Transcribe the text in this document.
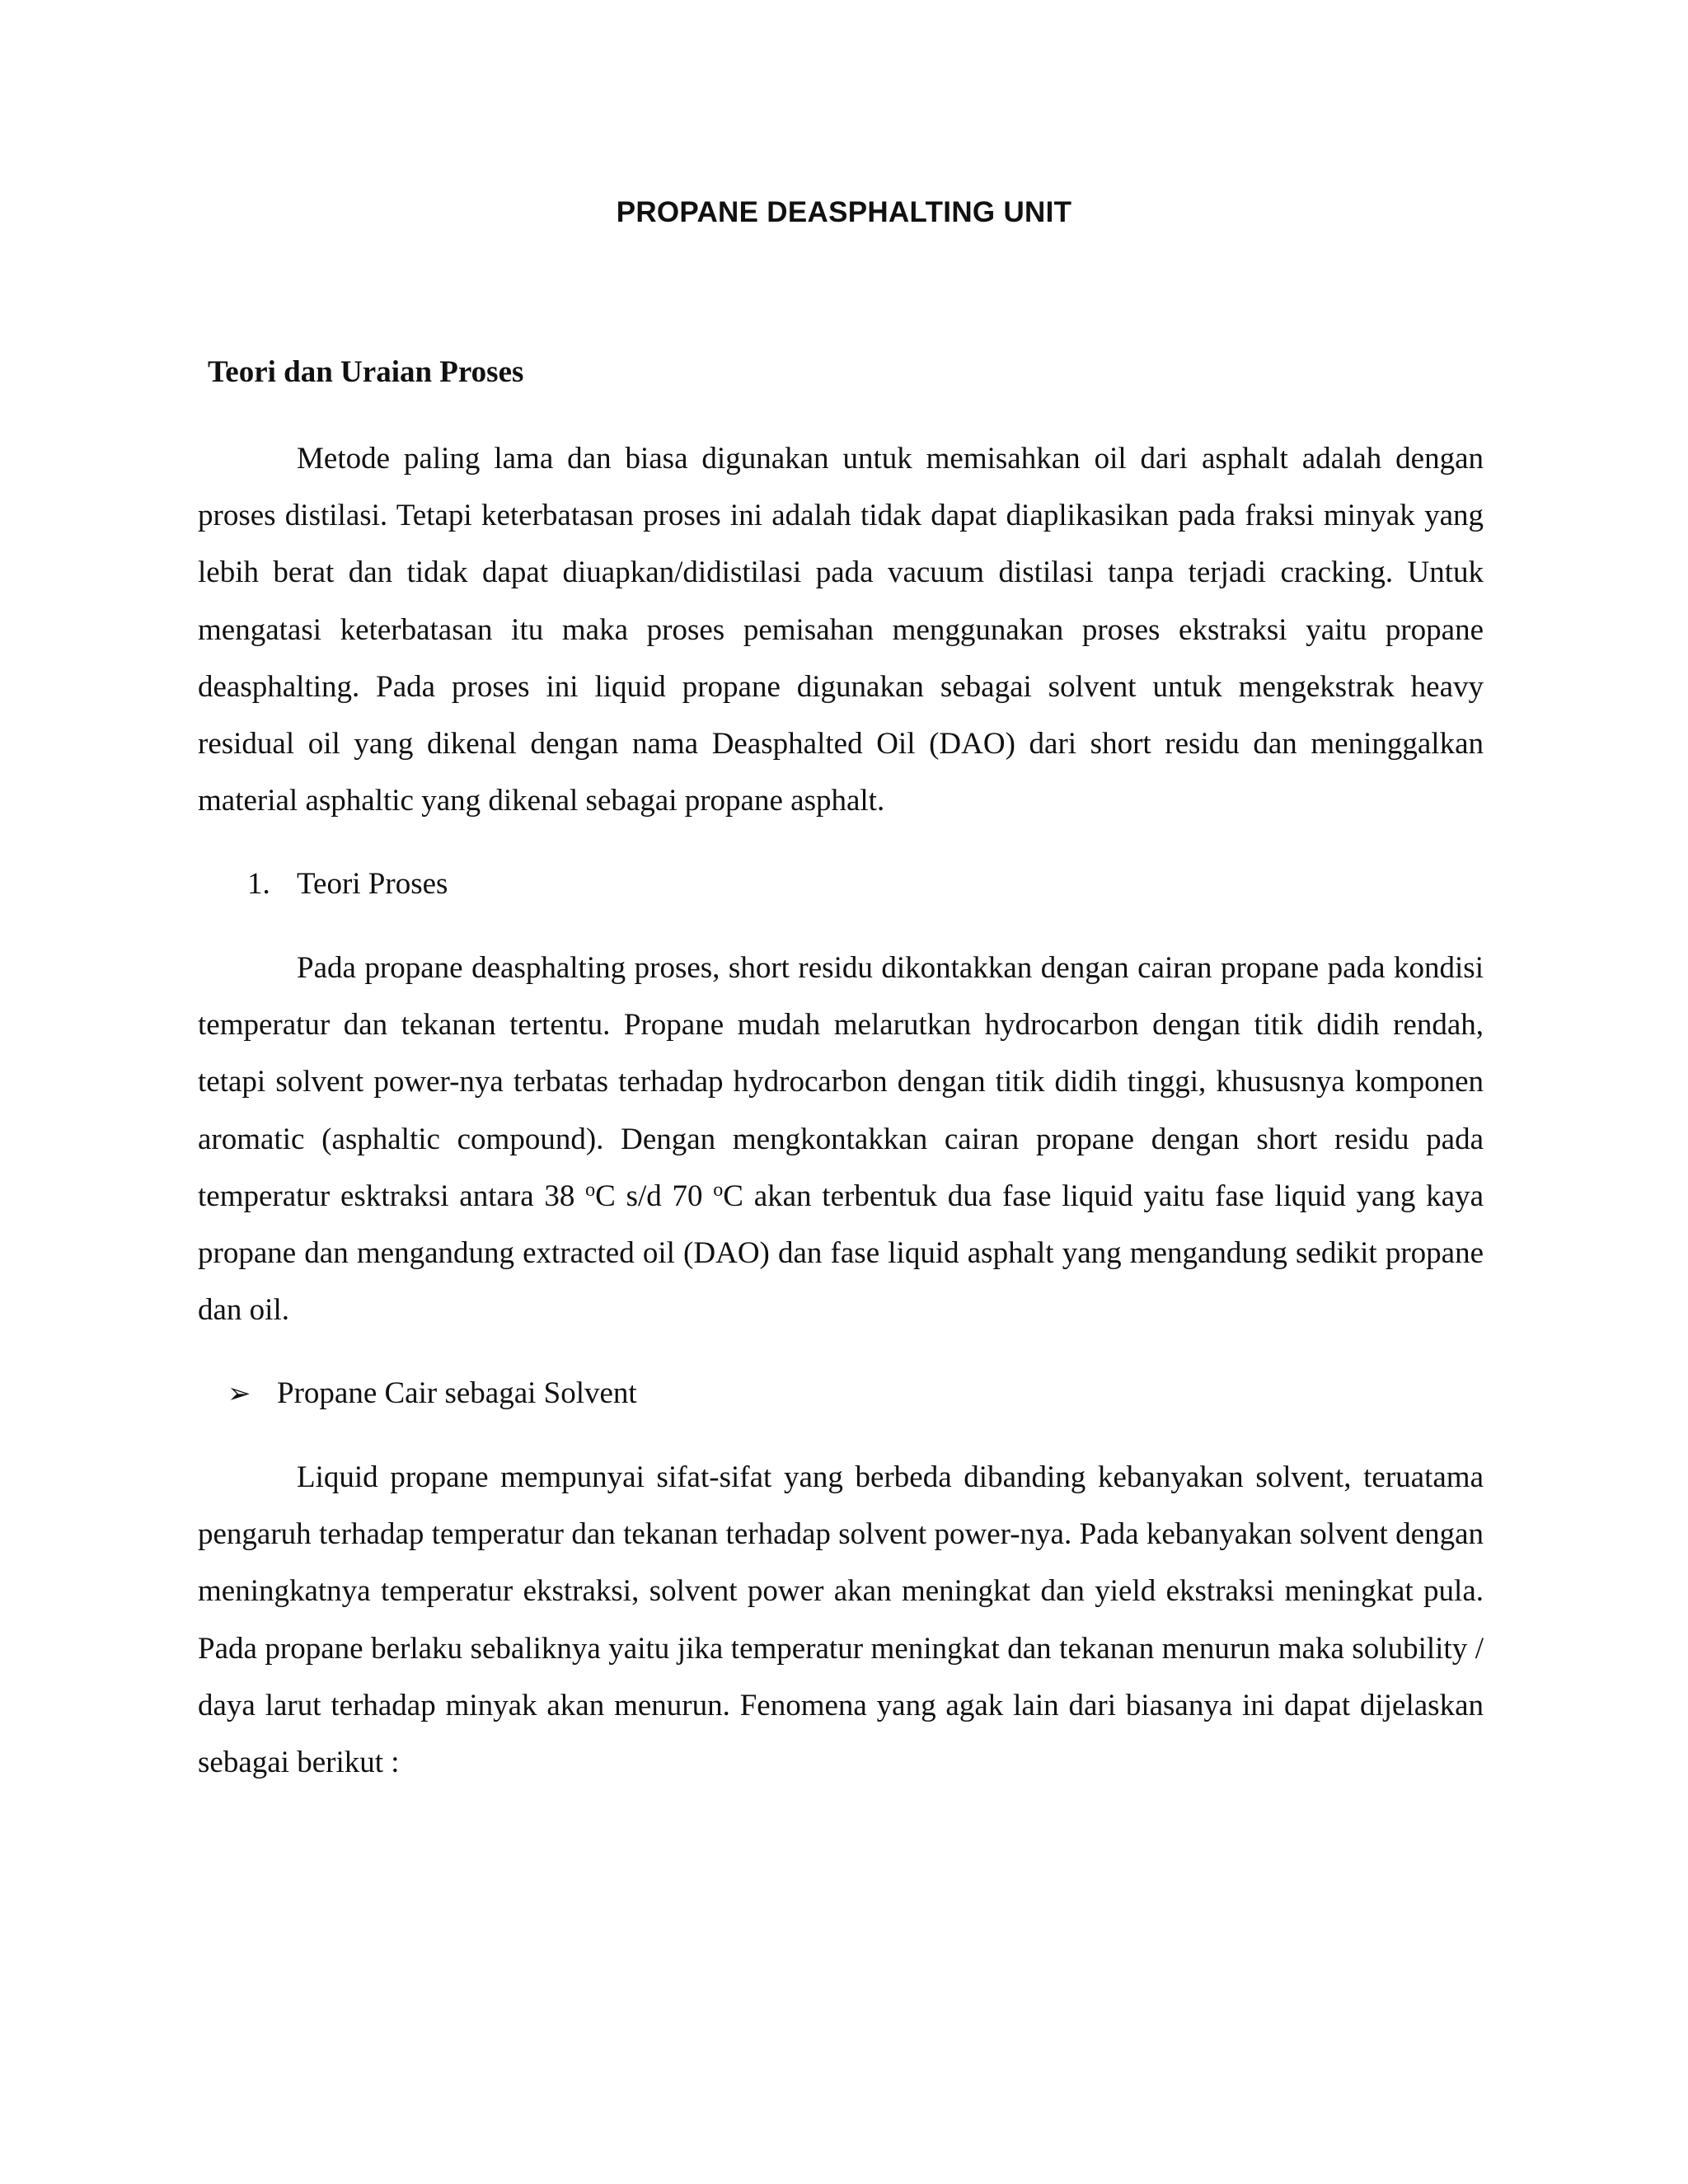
PROPANE DEASPHALTING UNIT
Teori dan Uraian Proses

Metode paling lama dan biasa digunakan untuk memisahkan oil dari asphalt adalah dengan proses distilasi. Tetapi keterbatasan proses ini adalah tidak dapat diaplikasikan pada fraksi minyak yang lebih berat dan tidak dapat diuapkan/didistilasi pada vacuum distilasi tanpa terjadi cracking. Untuk mengatasi keterbatasan itu maka proses pemisahan menggunakan proses ekstraksi yaitu propane deasphalting. Pada proses ini liquid propane digunakan sebagai solvent untuk mengekstrak heavy residual oil yang dikenal dengan nama Deasphalted Oil (DAO) dari short residu dan meninggalkan material asphaltic yang dikenal sebagai propane asphalt.

1. Teori Proses

Pada propane deasphalting proses, short residu dikontakkan dengan cairan propane pada kondisi temperatur dan tekanan tertentu. Propane mudah melarutkan hydrocarbon dengan titik didih rendah, tetapi solvent power-nya terbatas terhadap hydrocarbon dengan titik didih tinggi, khususnya komponen aromatic (asphaltic compound). Dengan mengkontakkan cairan propane dengan short residu pada temperatur esktraksi antara 38 $^o$C s/d 70 $^o$C akan terbentuk dua fase liquid yaitu fase liquid yang kaya propane dan mengandung extracted oil (DAO) dan fase liquid asphalt yang mengandung sedikit propane dan oil.

➢ Propane Cair sebagai Solvent

Liquid propane mempunyai sifat-sifat yang berbeda dibanding kebanyakan solvent, teruatama pengaruh terhadap temperatur dan tekanan terhadap solvent power-nya. Pada kebanyakan solvent dengan meningkatnya temperatur ekstraksi, solvent power akan meningkat dan yield ekstraksi meningkat pula. Pada propane berlaku sebaliknya yaitu jika temperatur meningkat dan tekanan menurun maka solubility / daya larut terhadap minyak akan menurun. Fenomena yang agak lain dari biasanya ini dapat dijelaskan sebagai berikut :
